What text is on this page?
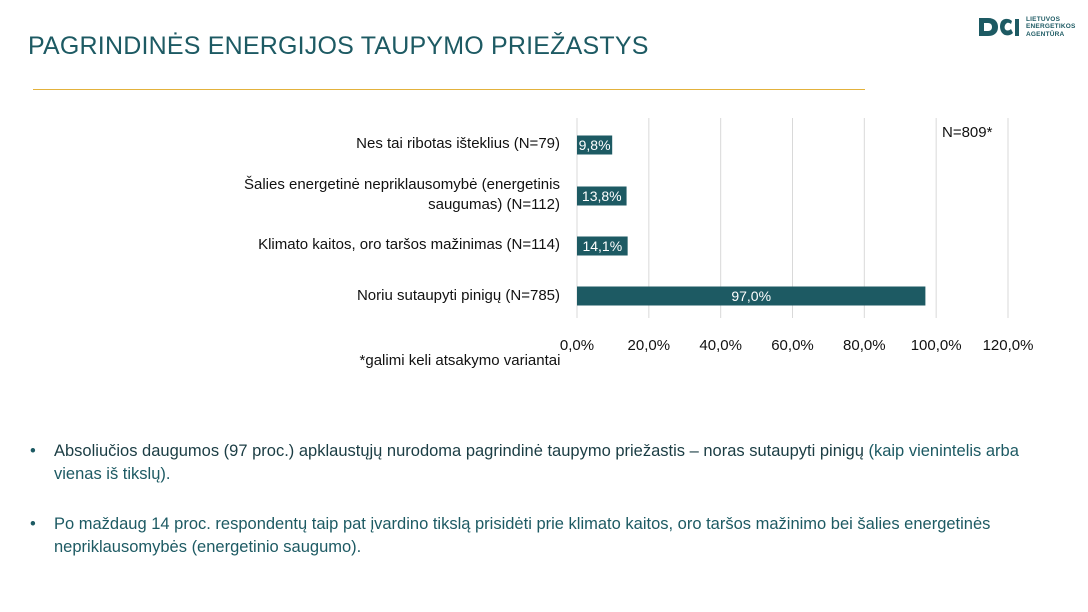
PAGRINDINĖS ENERGIJOS TAUPYMO PRIEŽASTYS
LIETUVOS
ENERGETIKOS
AGENTŪRA
0,0% 20,0% 40,0% 60,0% 80,0% 100,0% 120,0%
9,8%
13,8%
14,1%
97,0%
Nes tai ribotas išteklius (N=79)
Šalies energetinė nepriklausomybė (energetinis saugumas) (N=112)
Klimato kaitos, oro taršos mažinimas (N=114)
Noriu sutaupyti pinigų (N=785)
N=809*
*galimi keli atsakymo variantai
• Absoliučios daugumos (97 proc.) apklaustųjų nurodoma pagrindinė taupymo priežastis – noras sutaupyti pinigų (kaip vienintelis arba vienas iš tikslų).
• Po maždaug 14 proc. respondentų taip pat įvardino tikslą prisidėti prie klimato kaitos, oro taršos mažinimo bei šalies energetinės nepriklausomybės (energetinio saugumo).
